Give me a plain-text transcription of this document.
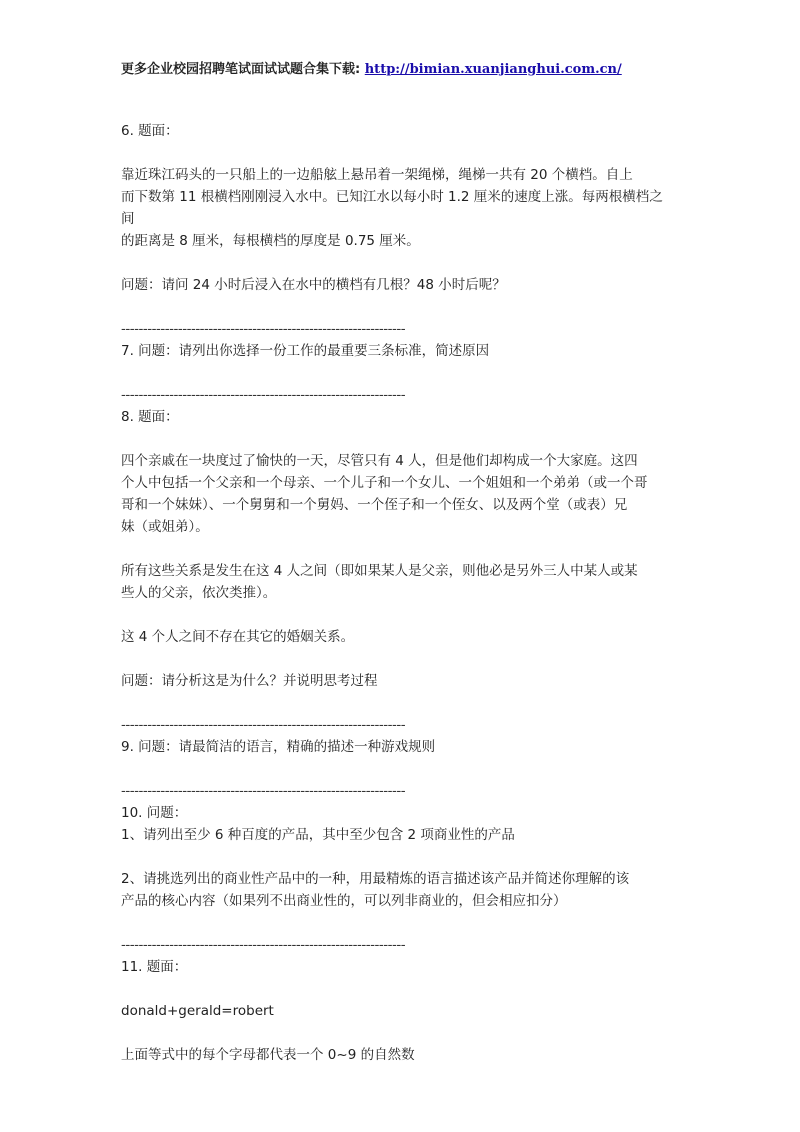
更多企业校园招聘笔试面试试题合集下载: http://bimian.xuanjianghui.com.cn/

6. 题面：

靠近珠江码头的一只船上的一边船舷上悬吊着一架绳梯，绳梯一共有 20 个横档。自上

而下数第 11 根横档刚刚浸入水中。已知江水以每小时 1.2 厘米的速度上涨。每两根横档之

间

的距离是 8 厘米，每根横档的厚度是 0.75 厘米。

问题：请问 24 小时后浸入在水中的横档有几根？48 小时后呢？

-----------------------------------------------------------------

7. 问题：请列出你选择一份工作的最重要三条标准，简述原因

-----------------------------------------------------------------

8. 题面：

四个亲戚在一块度过了愉快的一天，尽管只有 4 人，但是他们却构成一个大家庭。这四

个人中包括一个父亲和一个母亲、一个儿子和一个女儿、一个姐姐和一个弟弟（或一个哥

哥和一个妹妹）、一个舅舅和一个舅妈、一个侄子和一个侄女、以及两个堂（或表）兄

妹（或姐弟）。

所有这些关系是发生在这 4 人之间（即如果某人是父亲，则他必是另外三人中某人或某

些人的父亲，依次类推）。

这 4 个人之间不存在其它的婚姻关系。

问题：请分析这是为什么？并说明思考过程

-----------------------------------------------------------------

9. 问题：请最简洁的语言，精确的描述一种游戏规则

-----------------------------------------------------------------

10. 问题：

1、请列出至少 6 种百度的产品，其中至少包含 2 项商业性的产品

2、请挑选列出的商业性产品中的一种，用最精炼的语言描述该产品并简述你理解的该

产品的核心内容（如果列不出商业性的，可以列非商业的，但会相应扣分）

-----------------------------------------------------------------

11. 题面：

donald+gerald=robert

上面等式中的每个字母都代表一个 0~9 的自然数
